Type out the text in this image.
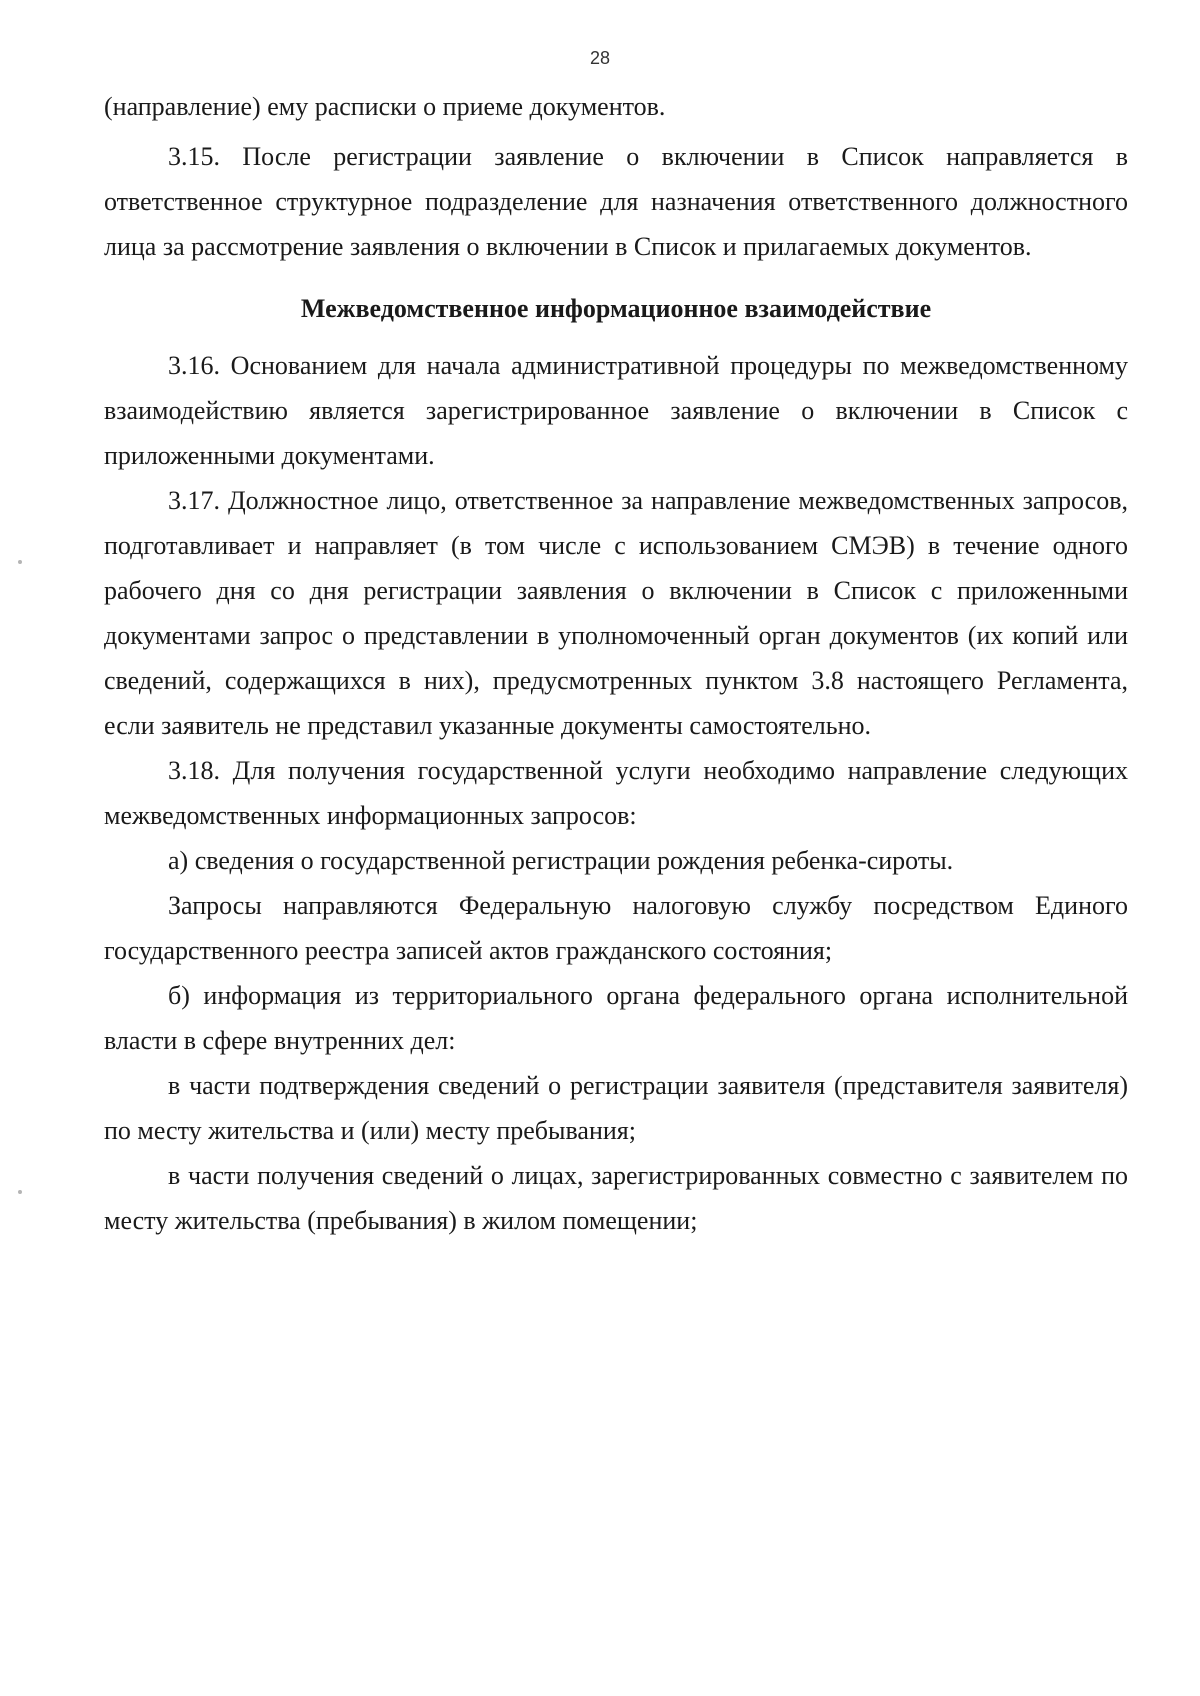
28

(направление) ему расписки о приеме документов.

3.15. После регистрации заявление о включении в Список направляется в ответственное структурное подразделение для назначения ответственного должностного лица за рассмотрение заявления о включении в Список и прилагаемых документов.

Межведомственное информационное взаимодействие

3.16. Основанием для начала административной процедуры по межведомственному взаимодействию является зарегистрированное заявление о включении в Список с приложенными документами.

3.17. Должностное лицо, ответственное за направление межведомственных запросов, подготавливает и направляет (в том числе с использованием СМЭВ) в течение одного рабочего дня со дня регистрации заявления о включении в Список с приложенными документами запрос о представлении в уполномоченный орган документов (их копий или сведений, содержащихся в них), предусмотренных пунктом 3.8 настоящего Регламента, если заявитель не представил указанные документы самостоятельно.

3.18. Для получения государственной услуги необходимо направление следующих межведомственных информационных запросов:

а) сведения о государственной регистрации рождения ребенка-сироты.

Запросы направляются Федеральную налоговую службу посредством Единого государственного реестра записей актов гражданского состояния;

б) информация из территориального органа федерального органа исполнительной власти в сфере внутренних дел:

в части подтверждения сведений о регистрации заявителя (представителя заявителя) по месту жительства и (или) месту пребывания;

в части получения сведений о лицах, зарегистрированных совместно с заявителем по месту жительства (пребывания) в жилом помещении;
